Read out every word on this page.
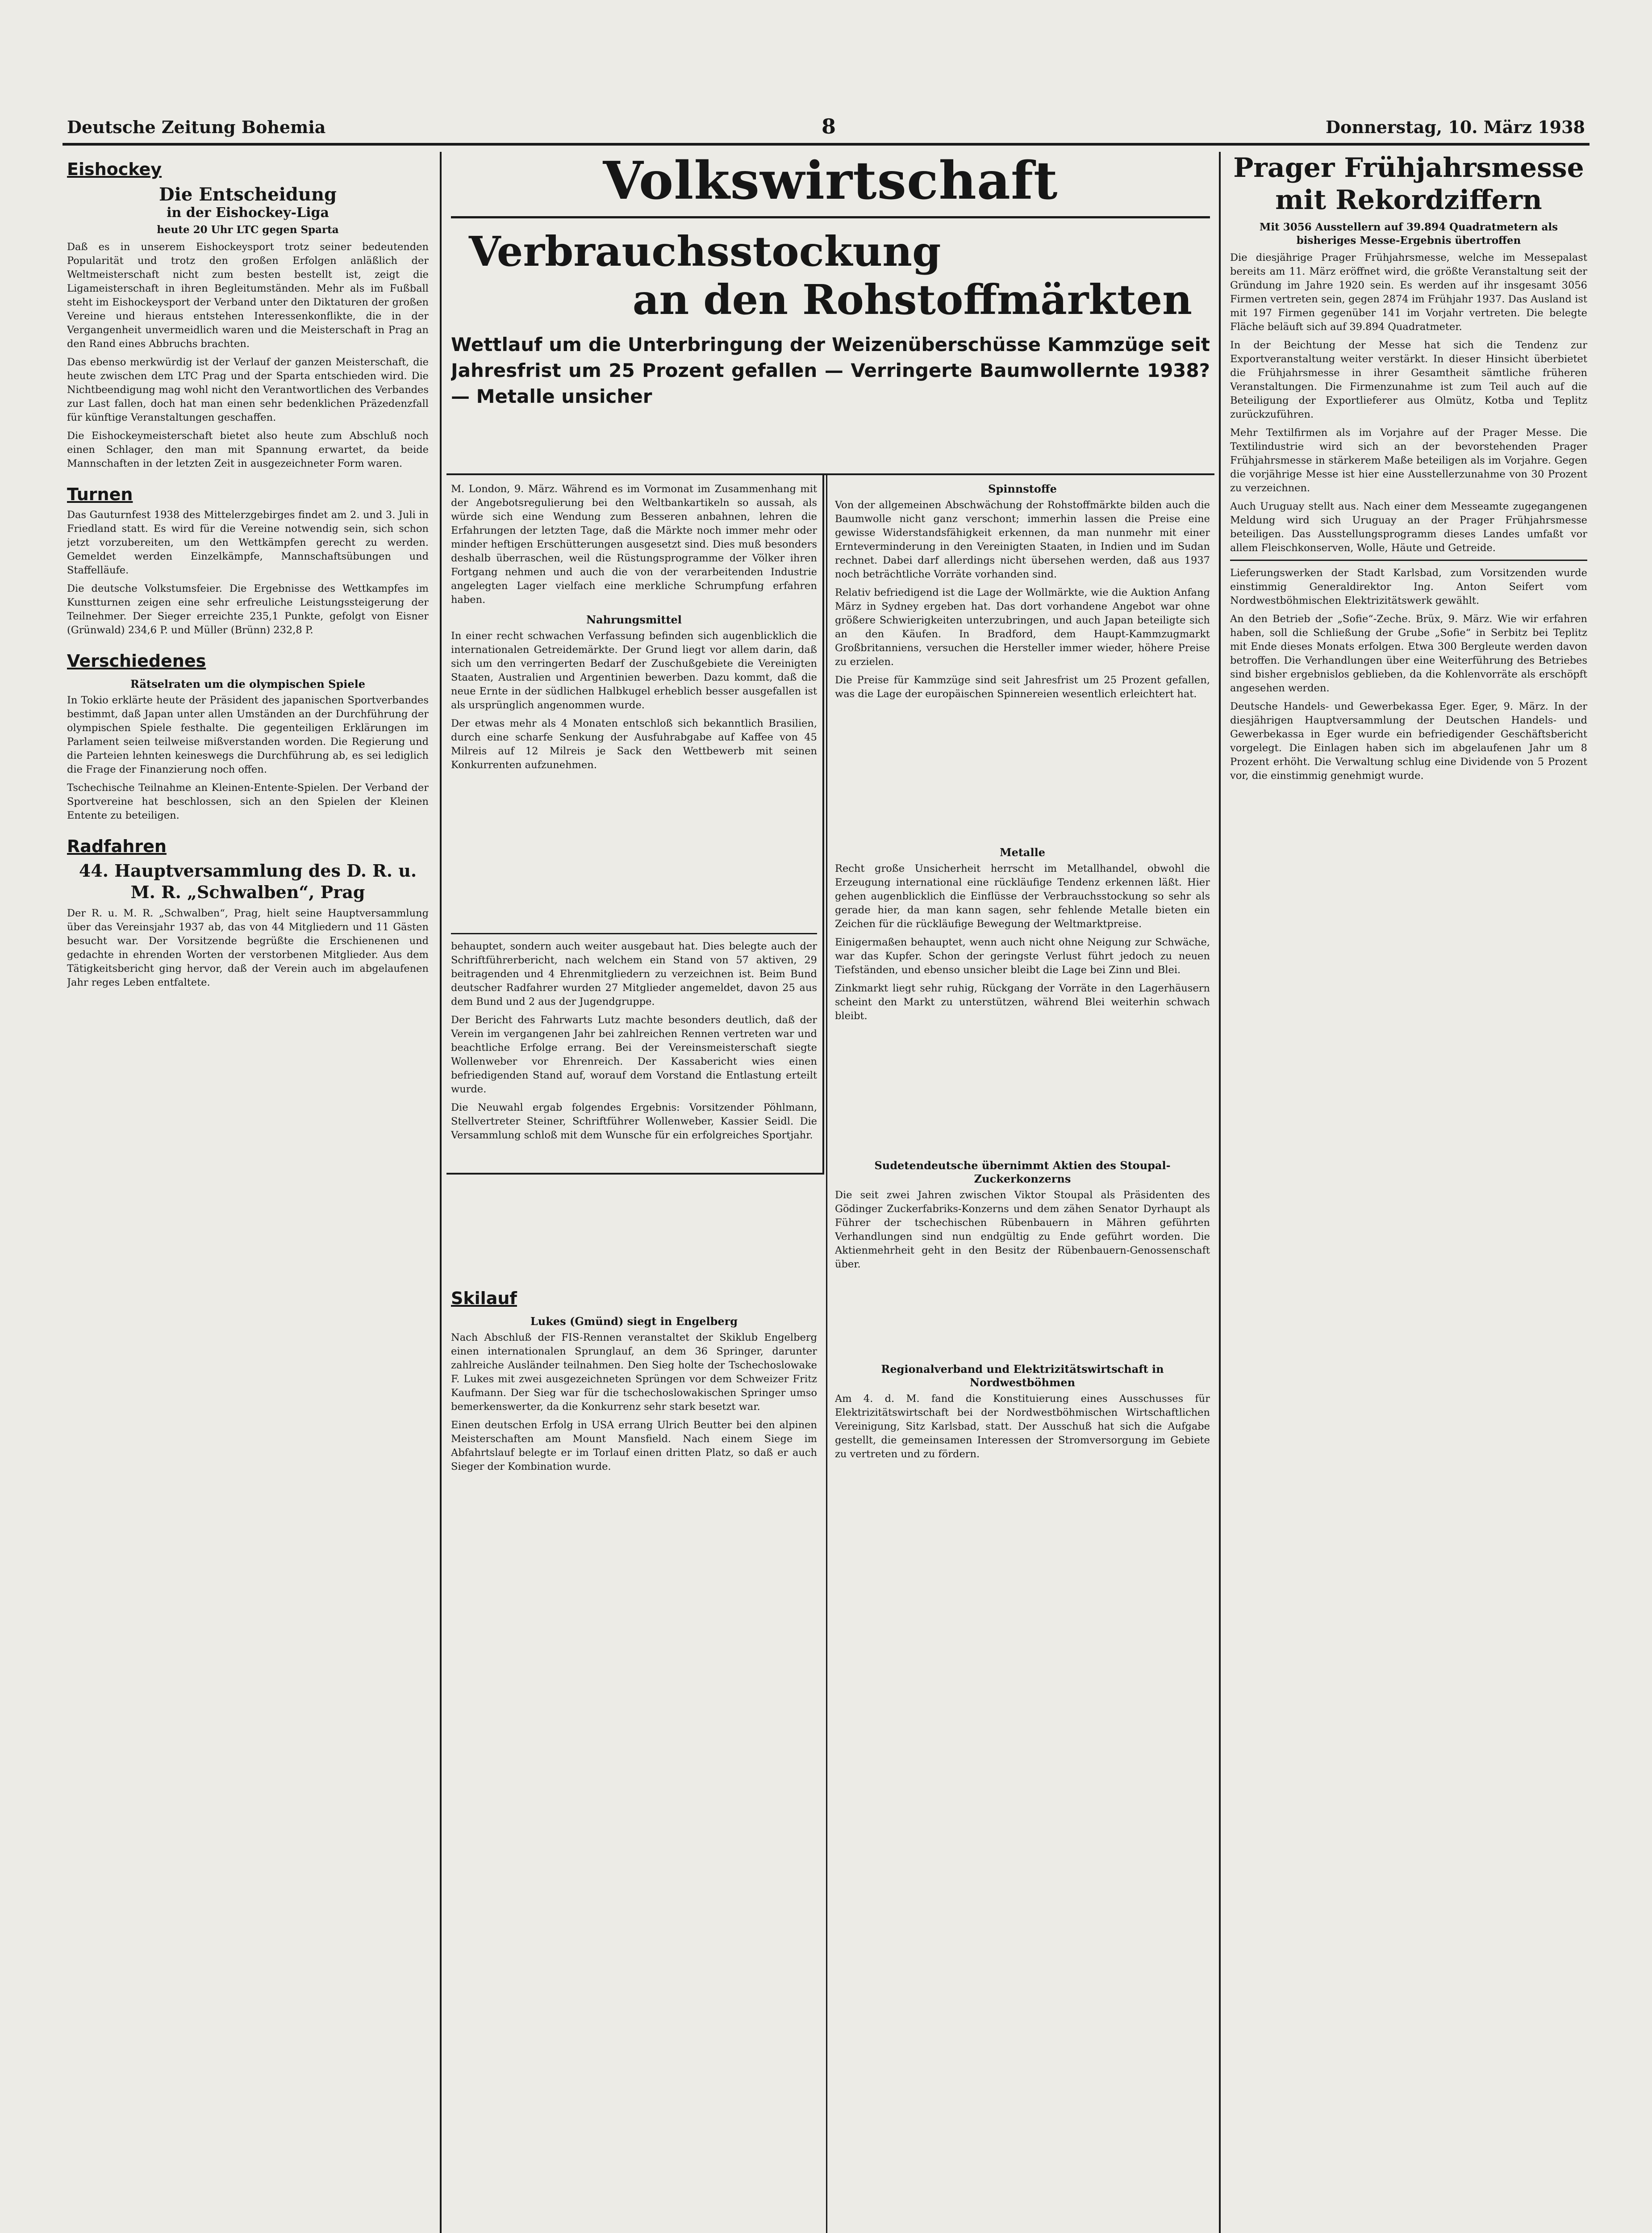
Deutsche Zeitung Bohemia	8	Donnerstag, 10. März 1938
Eishockey
Die Entscheidung
in der Eishockey-Liga
heute 20 Uhr LTC gegen Sparta

Daß es in unserem Eishockeysport trotz seiner bedeutenden Popularität und trotz den großen Erfolgen anläßlich der Weltmeisterschaft nicht zum besten bestellt ist, zeigt die Ligameisterschaft in ihren Begleitumständen. Mehr als im Fußball steht im Eishockeysport der Verband unter den Diktaturen der großen Vereine und hieraus entstehen Interessenkonflikte, die in der Vergangenheit unvermeidlich waren und die Meisterschaft in Prag an den Rand eines Abbruchs brachten.

Das ebenso merkwürdig ist der Verlauf der ganzen Meisterschaft, die heute zwischen dem LTC Prag und der Sparta entschieden wird. Die Nichtbeendigung mag wohl nicht den Verantwortlichen des Verbandes zur Last fallen, doch hat man einen sehr bedenklichen Präzedenzfall für künftige Veranstaltungen geschaffen.

Die Eishockeymeisterschaft bietet also heute zum Abschluß noch einen Schlager, den man mit Spannung erwartet, da beide Mannschaften in der letzten Zeit in ausgezeichneter Form waren.

Turnen

Das Gauturnfest 1938 des Mittelerzgebirges findet am 2. und 3. Juli in Friedland statt. Es wird für die Vereine notwendig sein, sich schon jetzt vorzubereiten, um den Wettkämpfen gerecht zu werden. Gemeldet werden Einzelkämpfe, Mannschaftsübungen und Staffelläufe.

Die deutsche Volkstumsfeier. Die Ergebnisse des Wettkampfes im Kunstturnen zeigen eine sehr erfreuliche Leistungssteigerung der Teilnehmer. Der Sieger erreichte 235,1 Punkte, gefolgt von Eisner (Grünwald) 234,6 P. und Müller (Brünn) 232,8 P.

Verschiedenes
Rätselraten um die olympischen Spiele

In Tokio erklärte heute der Präsident des japanischen Sportverbandes bestimmt, daß Japan unter allen Umständen an der Durchführung der olympischen Spiele festhalte. Die gegenteiligen Erklärungen im Parlament seien teilweise mißverstanden worden. Die Regierung und die Parteien lehnten keineswegs die Durchführung ab, es sei lediglich die Frage der Finanzierung noch offen.

Tschechische Teilnahme an Kleinen-Entente-Spielen. Der Verband der Sportvereine hat beschlossen, sich an den Spielen der Kleinen Entente zu beteiligen.

Radfahren
44. Hauptversammlung des D. R. u. M. R. „Schwalben“, Prag

Der R. u. M. R. „Schwalben“, Prag, hielt seine Hauptversammlung über das Vereinsjahr 1937 ab, das von 44 Mitgliedern und 11 Gästen besucht war. Der Vorsitzende begrüßte die Erschienenen und gedachte in ehrenden Worten der verstorbenen Mitglieder. Aus dem Tätigkeitsbericht ging hervor, daß der Verein auch im abgelaufenen Jahr reges Leben entfaltete.

Volkswirtschaft
Verbrauchsstockung
an den Rohstoffmärkten

Wettlauf um die Unterbringung der Weizenüberschüsse Kammzüge seit Jahresfrist um 25 Prozent gefallen — Verringerte Baumwollernte 1938? — Metalle unsicher

M. London, 9. März. Während es im Vormonat im Zusammenhang mit der Angebotsregulierung bei den Weltbankartikeln so aussah, als würde sich eine Wendung zum Besseren anbahnen, lehren die Erfahrungen der letzten Tage, daß die Märkte noch immer mehr oder minder heftigen Erschütterungen ausgesetzt sind. Dies muß besonders deshalb überraschen, weil die Rüstungsprogramme der Völker ihren Fortgang nehmen und auch die von der verarbeitenden Industrie angelegten Lager vielfach eine merkliche Schrumpfung erfahren haben.

Nahrungsmittel

In einer recht schwachen Verfassung befinden sich augenblicklich die internationalen Getreidemärkte. Der Grund liegt vor allem darin, daß sich um den verringerten Bedarf der Zuschußgebiete die Vereinigten Staaten, Australien und Argentinien bewerben. Dazu kommt, daß die neue Ernte in der südlichen Halbkugel erheblich besser ausgefallen ist als ursprünglich angenommen wurde.

Der etwas mehr als 4 Monaten entschloß sich bekanntlich Brasilien, durch eine scharfe Senkung der Ausfuhrabgabe auf Kaffee von 45 Milreis auf 12 Milreis je Sack den Wettbewerb mit seinen Konkurrenten aufzunehmen.

behauptet, sondern auch weiter ausgebaut hat. Dies belegte auch der Schriftführerbericht, nach welchem ein Stand von 57 aktiven, 29 beitragenden und 4 Ehrenmitgliedern zu verzeichnen ist. Beim Bund deutscher Radfahrer wurden 27 Mitglieder angemeldet, davon 25 aus dem Bund und 2 aus der Jugendgruppe.

Der Bericht des Fahrwarts Lutz machte besonders deutlich, daß der Verein im vergangenen Jahr bei zahlreichen Rennen vertreten war und beachtliche Erfolge errang. Bei der Vereinsmeisterschaft siegte Wollenweber vor Ehrenreich. Der Kassabericht wies einen befriedigenden Stand auf, worauf dem Vorstand die Entlastung erteilt wurde.

Die Neuwahl ergab folgendes Ergebnis: Vorsitzender Pöhlmann, Stellvertreter Steiner, Schriftführer Wollenweber, Kassier Seidl. Die Versammlung schloß mit dem Wunsche für ein erfolgreiches Sportjahr.

Skilauf
Lukes (Gmünd) siegt in Engelberg

Nach Abschluß der FIS-Rennen veranstaltet der Skiklub Engelberg einen internationalen Sprunglauf, an dem 36 Springer, darunter zahlreiche Ausländer teilnahmen. Den Sieg holte der Tschechoslowake F. Lukes mit zwei ausgezeichneten Sprüngen vor dem Schweizer Fritz Kaufmann. Der Sieg war für die tschechoslowakischen Springer umso bemerkenswerter, da die Konkurrenz sehr stark besetzt war.

Einen deutschen Erfolg in USA errang Ulrich Beutter bei den alpinen Meisterschaften am Mount Mansfield. Nach einem Siege im Abfahrtslauf belegte er im Torlauf einen dritten Platz, so daß er auch Sieger der Kombination wurde.

Spinnstoffe

Von der allgemeinen Abschwächung der Rohstoffmärkte bilden auch die Baumwolle nicht ganz verschont; immerhin lassen die Preise eine gewisse Widerstandsfähigkeit erkennen, da man nunmehr mit einer Ernteverminderung in den Vereinigten Staaten, in Indien und im Sudan rechnet. Dabei darf allerdings nicht übersehen werden, daß aus 1937 noch beträchtliche Vorräte vorhanden sind.

Relativ befriedigend ist die Lage der Wollmärkte, wie die Auktion Anfang März in Sydney ergeben hat. Das dort vorhandene Angebot war ohne größere Schwierigkeiten unterzubringen, und auch Japan beteiligte sich an den Käufen. In Bradford, dem Haupt-Kammzugmarkt Großbritanniens, versuchen die Hersteller immer wieder, höhere Preise zu erzielen.

Die Preise für Kammzüge sind seit Jahresfrist um 25 Prozent gefallen, was die Lage der europäischen Spinnereien wesentlich erleichtert hat.

Metalle

Recht große Unsicherheit herrscht im Metallhandel, obwohl die Erzeugung international eine rückläufige Tendenz erkennen läßt. Hier gehen augenblicklich die Einflüsse der Verbrauchsstockung so sehr als gerade hier, da man kann sagen, sehr fehlende Metalle bieten ein Zeichen für die rückläufige Bewegung der Weltmarktpreise.

Einigermaßen behauptet, wenn auch nicht ohne Neigung zur Schwäche, war das Kupfer. Schon der geringste Verlust führt jedoch zu neuen Tiefständen, und ebenso unsicher bleibt die Lage bei Zinn und Blei.

Zinkmarkt liegt sehr ruhig, Rückgang der Vorräte in den Lagerhäusern scheint den Markt zu unterstützen, während Blei weiterhin schwach bleibt.

Sudetendeutsche übernimmt Aktien des Stoupal-Zuckerkonzerns

Die seit zwei Jahren zwischen Viktor Stoupal als Präsidenten des Gödinger Zuckerfabriks-Konzerns und dem zähen Senator Dyrhaupt als Führer der tschechischen Rübenbauern in Mähren geführten Verhandlungen sind nun endgültig zu Ende geführt worden. Die Aktienmehrheit geht in den Besitz der Rübenbauern-Genossenschaft über.

Regionalverband und Elektrizitätswirtschaft in Nordwestböhmen

Am 4. d. M. fand die Konstituierung eines Ausschusses für Elektrizitätswirtschaft bei der Nordwestböhmischen Wirtschaftlichen Vereinigung, Sitz Karlsbad, statt. Der Ausschuß hat sich die Aufgabe gestellt, die gemeinsamen Interessen der Stromversorgung im Gebiete zu vertreten und zu fördern.

Prager Frühjahrsmesse mit Rekordziffern
Mit 3056 Ausstellern auf 39.894 Quadratmetern als bisheriges Messe-Ergebnis übertroffen

Die diesjährige Prager Frühjahrsmesse, welche im Messepalast bereits am 11. März eröffnet wird, die größte Veranstaltung seit der Gründung im Jahre 1920 sein. Es werden auf ihr insgesamt 3056 Firmen vertreten sein, gegen 2874 im Frühjahr 1937. Das Ausland ist mit 197 Firmen gegenüber 141 im Vorjahr vertreten. Die belegte Fläche beläuft sich auf 39.894 Quadratmeter.

In der Beichtung der Messe hat sich die Tendenz zur Exportveranstaltung weiter verstärkt. In dieser Hinsicht überbietet die Frühjahrsmesse in ihrer Gesamtheit sämtliche früheren Veranstaltungen. Die Firmenzunahme ist zum Teil auch auf die Beteiligung der Exportlieferer aus Olmütz, Kotba und Teplitz zurückzuführen.

Mehr Textilfirmen als im Vorjahre auf der Prager Messe. Die Textilindustrie wird sich an der bevorstehenden Prager Frühjahrsmesse in stärkerem Maße beteiligen als im Vorjahre. Gegen die vorjährige Messe ist hier eine Ausstellerzunahme von 30 Prozent zu verzeichnen.

Auch Uruguay stellt aus. Nach einer dem Messeamte zugegangenen Meldung wird sich Uruguay an der Prager Frühjahrsmesse beteiligen. Das Ausstellungsprogramm dieses Landes umfaßt vor allem Fleischkonserven, Wolle, Häute und Getreide.

Lieferungswerken der Stadt Karlsbad, zum Vorsitzenden wurde einstimmig Generaldirektor Ing. Anton Seifert vom Nordwestböhmischen Elektrizitätswerk gewählt.

An den Betrieb der „Sofie“-Zeche. Brüx, 9. März. Wie wir erfahren haben, soll die Schließung der Grube „Sofie“ in Serbitz bei Teplitz mit Ende dieses Monats erfolgen. Etwa 300 Bergleute werden davon betroffen. Die Verhandlungen über eine Weiterführung des Betriebes sind bisher ergebnislos geblieben, da die Kohlenvorräte als erschöpft angesehen werden.

Deutsche Handels- und Gewerbekassa Eger. Eger, 9. März. In der diesjährigen Hauptversammlung der Deutschen Handels- und Gewerbekassa in Eger wurde ein befriedigender Geschäftsbericht vorgelegt. Die Einlagen haben sich im abgelaufenen Jahr um 8 Prozent erhöht. Die Verwaltung schlug eine Dividende von 5 Prozent vor, die einstimmig genehmigt wurde.
